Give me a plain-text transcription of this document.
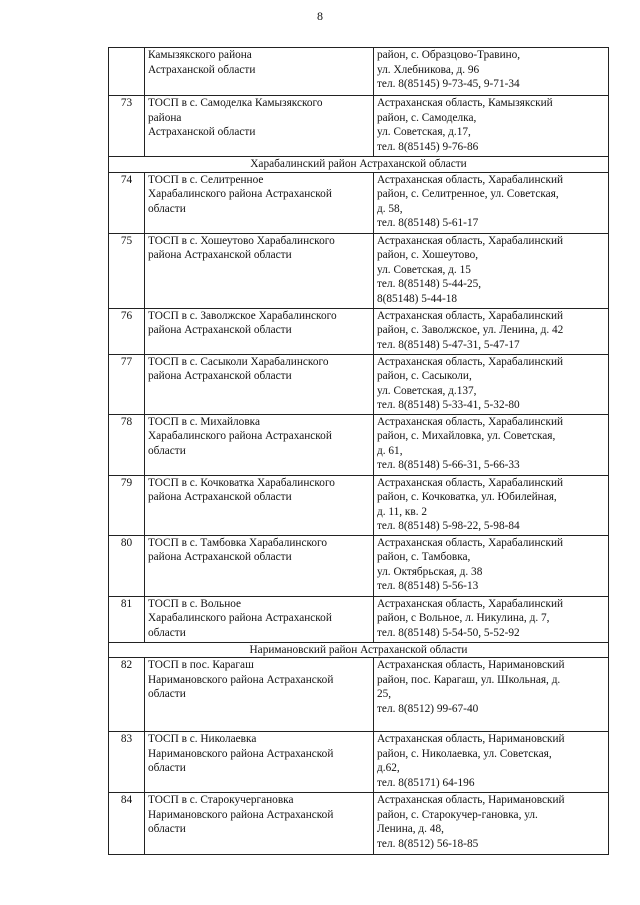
8

	Камызякского района
Астраханской области	район, с. Образцово-Травино,
ул. Хлебникова, д. 96
тел. 8(85145) 9-73-45, 9-71-34

73	ТОСП в с. Самоделка Камызякского
района
Астраханской области	Астраханская область, Камызякский
район, с. Самоделка,
ул. Советская, д.17,
тел. 8(85145) 9-76-86

Харабалинский район Астраханской области		
74	ТОСП в с. Селитренное
Харабалинского района Астраханской
области	Астраханская область, Харабалинский
район, с. Селитренное, ул. Советская,
д. 58,
тел. 8(85148) 5-61-17

75	ТОСП в с. Хошеутово Харабалинского
района Астраханской области	Астраханская область, Харабалинский
район, с. Хошеутово,
ул. Советская, д. 15
тел. 8(85148) 5-44-25,
8(85148) 5-44-18

76	ТОСП в с. Заволжское Харабалинского
района Астраханской области	Астраханская область, Харабалинский
район, с. Заволжское, ул. Ленина, д. 42
тел. 8(85148) 5-47-31, 5-47-17

77	ТОСП в с. Сасыколи Харабалинского
района Астраханской области	Астраханская область, Харабалинский
район, с. Сасыколи,
ул. Советская, д.137,
тел. 8(85148) 5-33-41, 5-32-80

78	ТОСП в с. Михайловка
Харабалинского района Астраханской
области	Астраханская область, Харабалинский
район, с. Михайловка, ул. Советская,
д. 61,
тел. 8(85148) 5-66-31, 5-66-33

79	ТОСП в с. Кочковатка Харабалинского
района Астраханской области	Астраханская область, Харабалинский
район, с. Кочковатка, ул. Юбилейная,
д. 11, кв. 2
тел. 8(85148) 5-98-22, 5-98-84

80	ТОСП в с. Тамбовка Харабалинского
района Астраханской области	Астраханская область, Харабалинский
район, с. Тамбовка,
ул. Октябрьская, д. 38
тел. 8(85148) 5-56-13

81	ТОСП в с. Вольное
Харабалинского района Астраханской
области	Астраханская область, Харабалинский
район, с Вольное, л. Никулина, д. 7,
тел. 8(85148) 5-54-50, 5-52-92

Наримановский район Астраханской области		
82	ТОСП в пос. Карагаш
Наримановского района Астраханской
области	Астраханская область, Наримановский
район, пос. Карагаш, ул. Школьная, д.
25,
тел. 8(8512) 99-67-40

83	ТОСП в с. Николаевка
Наримановского района Астраханской
области	Астраханская область, Наримановский
район, с. Николаевка, ул. Советская,
д.62,
тел. 8(85171) 64-196

84	ТОСП в с. Старокучергановка
Наримановского района Астраханской
области	Астраханская область, Наримановский
район, с. Старокучер-гановка, ул.
Ленина, д. 48,
тел. 8(8512) 56-18-85
